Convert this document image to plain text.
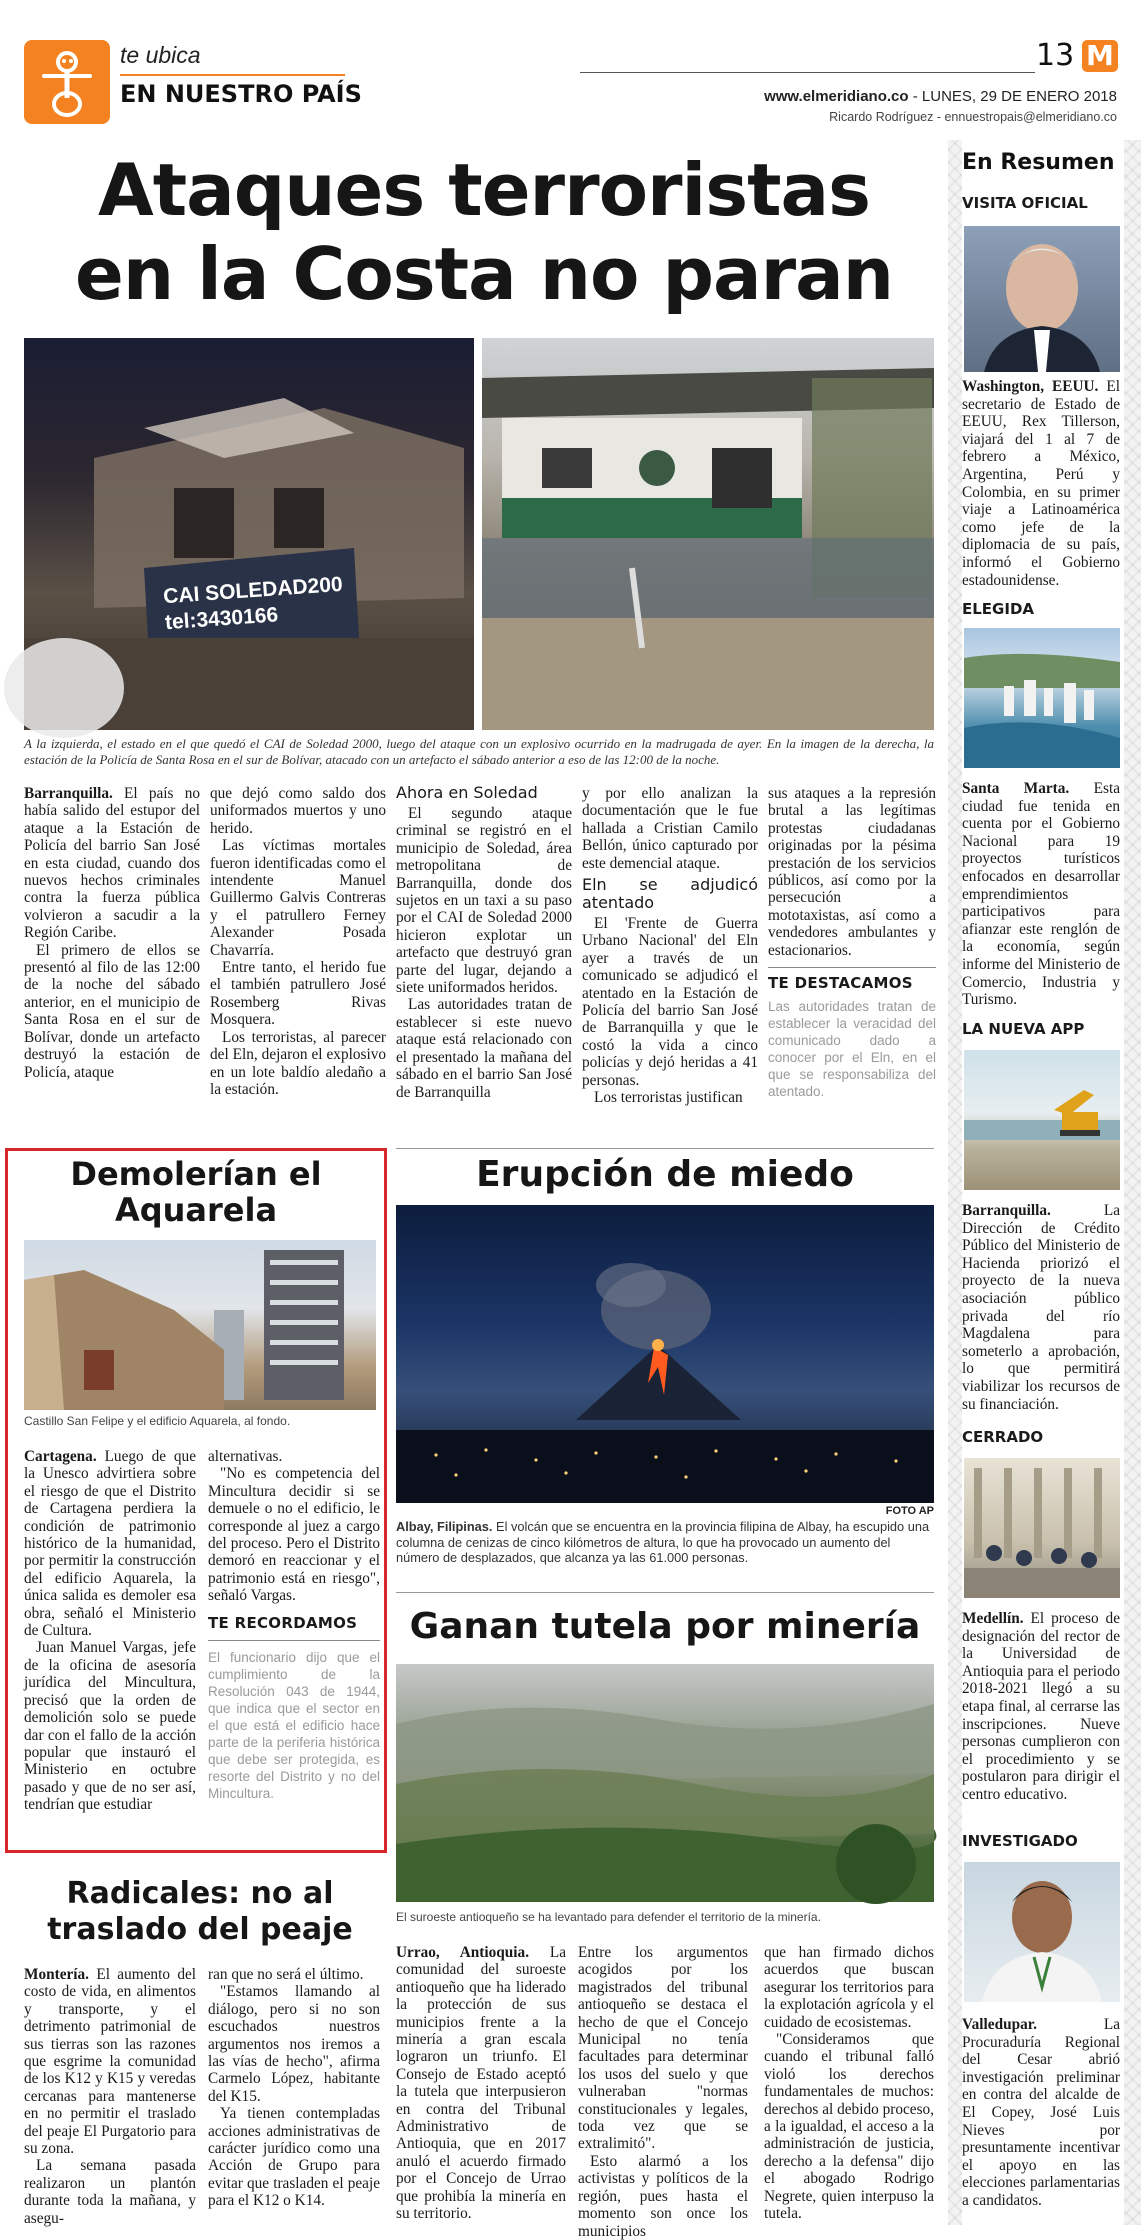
te ubica
EN NUESTRO PAÍS
13 M
www.elmeridiano.co - LUNES, 29 DE ENERO 2018
Ricardo Rodríguez - ennuestropais@elmeridiano.co
Ataques terroristas
en la Costa no paran
CAI SOLEDAD200
tel:3430166
A la izquierda, el estado en el que quedó el CAI de Soledad 2000, luego del ataque con un explosivo ocurrido en la madrugada de ayer. En la imagen de la derecha, la estación de la Policía de Santa Rosa en el sur de Bolívar, atacado con un artefacto el sábado anterior a eso de las 12:00 de la noche.

Barranquilla. El país no había salido del estupor del ataque a la Estación de Policía del barrio San José en esta ciudad, cuando dos nuevos hechos criminales contra la fuerza pública volvieron a sacudir a la Región Caribe.

El primero de ellos se presentó al filo de las 12:00 de la noche del sábado anterior, en el municipio de Santa Rosa en el sur de Bolívar, donde un artefacto destruyó la estación de Policía, ataque

que dejó como saldo dos uniformados muertos y uno herido.

Las víctimas mortales fueron identificadas como el intendente Manuel Guillermo Galvis Contreras y el patrullero Ferney Alexander Posada Chavarría.

Entre tanto, el herido fue el también patrullero José Rosemberg Rivas Mosquera.

Los terroristas, al parecer del Eln, dejaron el explosivo en un lote baldío aledaño a la estación.

Ahora en Soledad

El segundo ataque criminal se registró en el municipio de Soledad, área metropolitana de Barranquilla, donde dos sujetos en un taxi a su paso por el CAI de Soledad 2000 hicieron explotar un artefacto que destruyó gran parte del lugar, dejando a siete uniformados heridos.

Las autoridades tratan de establecer si este nuevo ataque está relacionado con el presentado la mañana del sábado en el barrio San José de Barranquilla

y por ello analizan la documentación que le fue hallada a Cristian Camilo Bellón, único capturado por este demencial ataque.

Eln se adjudicó atentado

El 'Frente de Guerra Urbano Nacional' del Eln ayer a través de un comunicado se adjudicó el atentado en la Estación de Policía del barrio San José de Barranquilla y que le costó la vida a cinco policías y dejó heridas a 41 personas.

Los terroristas justifican

sus ataques a la represión brutal a las legítimas protestas ciudadanas originadas por la pésima prestación de los servicios públicos, así como por la persecución a mototaxistas, así como a vendedores ambulantes y estacionarios.

TE DESTACAMOS
Las autoridades tratan de establecer la veracidad del comunicado dado a conocer por el Eln, en el que se responsabiliza del atentado.
Demolerían el Aquarela
Castillo San Felipe y el edificio Aquarela, al fondo.

Cartagena. Luego de que la Unesco advirtiera sobre el riesgo de que el Distrito de Cartagena perdiera la condición de patrimonio histórico de la humanidad, por permitir la construcción del edificio Aquarela, la única salida es demoler esa obra, señaló el Ministerio de Cultura.

Juan Manuel Vargas, jefe de la oficina de asesoría jurídica del Mincultura, precisó que la orden de demolición solo se puede dar con el fallo de la acción popular que instauró el Ministerio en octubre pasado y que de no ser así, tendrían que estudiar

alternativas.

"No es competencia del Mincultura decidir si se demuele o no el edificio, le corresponde al juez a cargo del proceso. Pero el Distrito demoró en reaccionar y el patrimonio está en riesgo", señaló Vargas.

TE RECORDAMOS
El funcionario dijo que el cumplimiento de la Resolución 043 de 1944, que indica que el sector en el que está el edificio hace parte de la periferia histórica que debe ser protegida, es resorte del Distrito y no del Mincultura.
Erupción de miedo
FOTO AP
Albay, Filipinas. El volcán que se encuentra en la provincia filipina de Albay, ha escupido una columna de cenizas de cinco kilómetros de altura, lo que ha provocado un aumento del número de desplazados, que alcanza ya las 61.000 personas.
Ganan tutela por minería
El suroeste antioqueño se ha levantado para defender el territorio de la minería.

Urrao, Antioquia. La comunidad del suroeste antioqueño que ha liderado la protección de sus municipios frente a la minería a gran escala lograron un triunfo. El Consejo de Estado aceptó la tutela que interpusieron en contra del Tribunal Administrativo de Antioquia, que en 2017 anuló el acuerdo firmado por el Concejo de Urrao que prohibía la minería en su territorio.

Entre los argumentos acogidos por los magistrados del tribunal antioqueño se destaca el hecho de que el Concejo Municipal no tenía facultades para determinar los usos del suelo y que vulneraban "normas constitucionales y legales, toda vez que se extralimitó".

Esto alarmó a los activistas y políticos de la región, pues hasta el momento son once los municipios

que han firmado dichos acuerdos que buscan asegurar los territorios para la explotación agrícola y el cuidado de ecosistemas.

"Consideramos que cuando el tribunal falló violó los derechos fundamentales de muchos: derechos al debido proceso, a la igualdad, el acceso a la administración de justicia, derecho a la defensa" dijo el abogado Rodrigo Negrete, quien interpuso la tutela.

Radicales: no al traslado del peaje

Montería. El aumento del costo de vida, en alimentos y transporte, y el detrimento patrimonial de sus tierras son las razones que esgrime la comunidad de los K12 y K15 y veredas cercanas para mantenerse en no permitir el traslado del peaje El Purgatorio para su zona.

La semana pasada realizaron un plantón durante toda la mañana, y asegu-

ran que no será el último.

"Estamos llamando al diálogo, pero si no son escuchados nuestros argumentos nos iremos a las vías de hecho", afirma Carmelo López, habitante del K15.

Ya tienen contempladas acciones administrativas de carácter jurídico como una Acción de Grupo para evitar que trasladen el peaje para el K12 o K14.

En Resumen
VISITA OFICIAL
Washington, EEUU. El secretario de Estado de EEUU, Rex Tillerson, viajará del 1 al 7 de febrero a México, Argentina, Perú y Colombia, en su primer viaje a Latinoamérica como jefe de la diplomacia de su país, informó el Gobierno estadounidense.
ELEGIDA
Santa Marta. Esta ciudad fue tenida en cuenta por el Gobierno Nacional para 19 proyectos turísticos enfocados en desarrollar emprendimientos participativos para afianzar este renglón de la economía, según informe del Ministerio de Comercio, Industria y Turismo.
LA NUEVA APP
Barranquilla.	La Dirección de Crédito Público del Ministerio de Hacienda priorizó el proyecto de la nueva asociación público privada del río Magdalena para someterlo a aprobación, lo que permitirá viabilizar los recursos de su financiación.
CERRADO
Medellín. El proceso de designación del rector de la Universidad de Antioquia para el periodo 2018-2021 llegó a su etapa final, al cerrarse las inscripciones. Nueve personas cumplieron con el procedimiento y se postularon para dirigir el centro educativo.
INVESTIGADO
Valledupar.	La Procuraduría Regional del Cesar abrió investigación preliminar en contra del alcalde de El Copey, José Luis Nieves por presuntamente incentivar el apoyo en las elecciones parlamentarias a candidatos.
